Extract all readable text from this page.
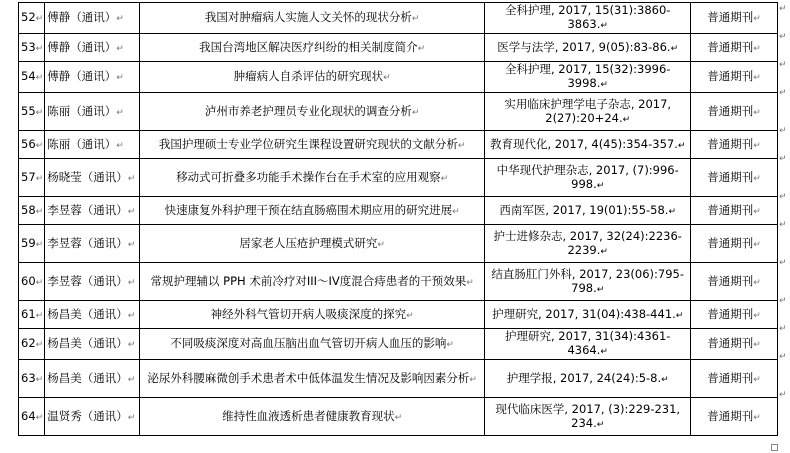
52↵	傅静（通讯）↵	我国对肿瘤病人实施人文关怀的现状分析↵	全科护理, 2017, 15(31):3860-3863.↵	普通期刊↵
53↵	傅静（通讯）↵	我国台湾地区解决医疗纠纷的相关制度简介↵	医学与法学, 2017, 9(05):83-86.↵	普通期刊↵
54↵	傅静（通讯）↵	肿瘤病人自杀评估的研究现状↵	全科护理, 2017, 15(32):3996-3998.↵	普通期刊↵
55↵	陈丽（通讯）↵	泸州市养老护理员专业化现状的调查分析↵	实用临床护理学电子杂志, 2017, 2(27):20+24.↵	普通期刊↵
56↵	陈丽（通讯）↵	我国护理硕士专业学位研究生课程设置研究现状的文献分析↵	教育现代化, 2017, 4(45):354-357.↵	普通期刊↵
57↵	杨晓莹（通讯）↵	移动式可折叠多功能手术操作台在手术室的应用观察↵	中华现代护理杂志, 2017, (7):996-998.↵	普通期刊↵
58↵	李昱蓉（通讯）↵	快速康复外科护理干预在结直肠癌围术期应用的研究进展↵	西南军医, 2017, 19(01):55-58.↵	普通期刊↵
59↵	李昱蓉（通讯）↵	居家老人压疮护理模式研究↵	护士进修杂志, 2017, 32(24):2236-2239.↵	普通期刊↵
60↵	李昱蓉（通讯）↵	常规护理辅以 PPH 术前冷疗对III～IV度混合痔患者的干预效果↵	结直肠肛门外科, 2017, 23(06):795-798.↵	普通期刊↵
61↵	杨昌美（通讯）↵	神经外科气管切开病人吸痰深度的探究↵	护理研究, 2017, 31(04):438-441.↵	普通期刊↵
62↵	杨昌美（通讯）↵	不同吸痰深度对高血压脑出血气管切开病人血压的影响↵	护理研究, 2017, 31(34):4361-4364.↵	普通期刊↵
63↵	杨昌美（通讯）↵	泌尿外科腰麻微创手术患者术中低体温发生情况及影响因素分析↵	护理学报, 2017, 24(24):5-8.↵	普通期刊↵
64↵	温贤秀（通讯）↵	维持性血液透析患者健康教育现状↵	现代临床医学, 2017, (3):229-231, 234.↵	普通期刊↵
↵
↵
↵
↵
↵
↵
↵
↵
↵
↵
↵
↵
↵
